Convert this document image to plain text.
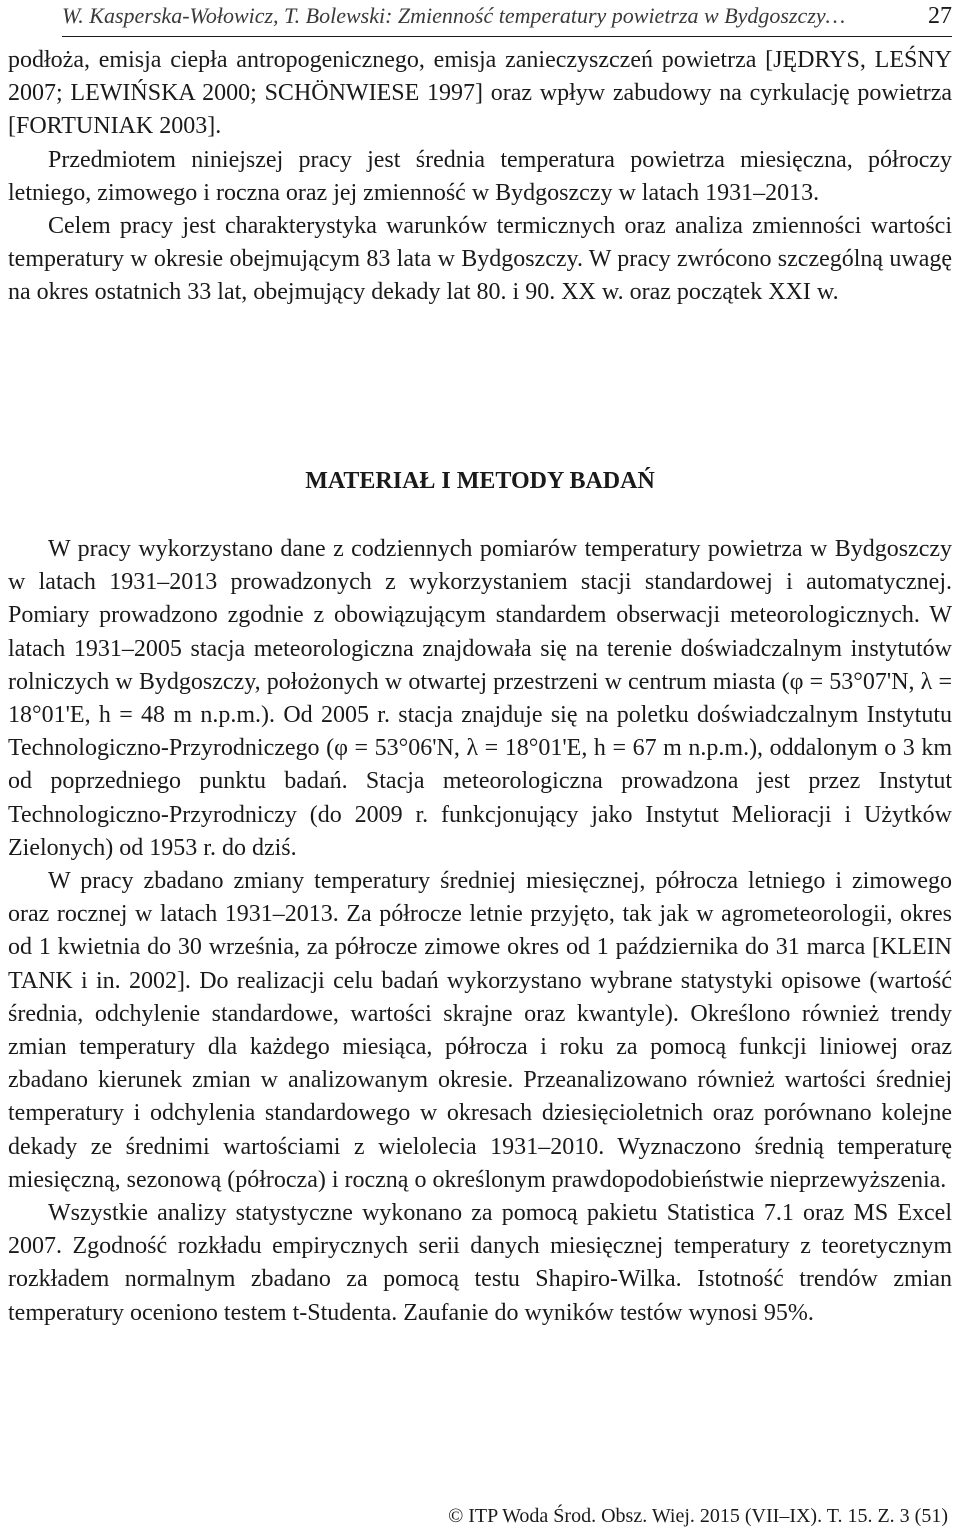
W. Kasperska-Wołowicz, T. Bolewski: Zmienność temperatury powietrza w Bydgoszczy…	27

podłoża, emisja ciepła antropogenicznego, emisja zanieczyszczeń powietrza [JĘDRYS, LEŚNY 2007; LEWIŃSKA 2000; SCHÖNWIESE 1997] oraz wpływ zabudowy na cyrkulację powietrza [FORTUNIAK 2003].

Przedmiotem niniejszej pracy jest średnia temperatura powietrza miesięczna, półroczy letniego, zimowego i roczna oraz jej zmienność w Bydgoszczy w latach 1931–2013.

Celem pracy jest charakterystyka warunków termicznych oraz analiza zmienności wartości temperatury w okresie obejmującym 83 lata w Bydgoszczy. W pracy zwrócono szczególną uwagę na okres ostatnich 33 lat, obejmujący dekady lat 80. i 90. XX w. oraz początek XXI w.

MATERIAŁ I METODY BADAŃ

W pracy wykorzystano dane z codziennych pomiarów temperatury powietrza w Bydgoszczy w latach 1931–2013 prowadzonych z wykorzystaniem stacji standardowej i automatycznej. Pomiary prowadzono zgodnie z obowiązującym standardem obserwacji meteorologicznych. W latach 1931–2005 stacja meteorologiczna znajdowała się na terenie doświadczalnym instytutów rolniczych w Bydgoszczy, położonych w otwartej przestrzeni w centrum miasta (φ = 53°07'N, λ = 18°01'E, h = 48 m n.p.m.). Od 2005 r. stacja znajduje się na poletku doświadczalnym Instytutu Technologiczno-Przyrodniczego (φ = 53°06'N, λ = 18°01'E, h = 67 m n.p.m.), oddalonym o 3 km od poprzedniego punktu badań. Stacja meteorologiczna prowadzona jest przez Instytut Technologiczno-Przyrodniczy (do 2009 r. funkcjonujący jako Instytut Melioracji i Użytków Zielonych) od 1953 r. do dziś.

W pracy zbadano zmiany temperatury średniej miesięcznej, półrocza letniego i zimowego oraz rocznej w latach 1931–2013. Za półrocze letnie przyjęto, tak jak w agrometeorologii, okres od 1 kwietnia do 30 września, za półrocze zimowe okres od 1 października do 31 marca [KLEIN TANK i in. 2002]. Do realizacji celu badań wykorzystano wybrane statystyki opisowe (wartość średnia, odchylenie standardowe, wartości skrajne oraz kwantyle). Określono również trendy zmian temperatury dla każdego miesiąca, półrocza i roku za pomocą funkcji liniowej oraz zbadano kierunek zmian w analizowanym okresie. Przeanalizowano również wartości średniej temperatury i odchylenia standardowego w okresach dziesięcioletnich oraz porównano kolejne dekady ze średnimi wartościami z wielolecia 1931–2010. Wyznaczono średnią temperaturę miesięczną, sezonową (półrocza) i roczną o określonym prawdopodobieństwie nieprzewyższenia.

Wszystkie analizy statystyczne wykonano za pomocą pakietu Statistica 7.1 oraz MS Excel 2007. Zgodność rozkładu empirycznych serii danych miesięcznej temperatury z teoretycznym rozkładem normalnym zbadano za pomocą testu Shapiro-Wilka. Istotność trendów zmian temperatury oceniono testem t-Studenta. Zaufanie do wyników testów wynosi 95%.

© ITP Woda Środ. Obsz. Wiej. 2015 (VII–IX). T. 15. Z. 3 (51)
